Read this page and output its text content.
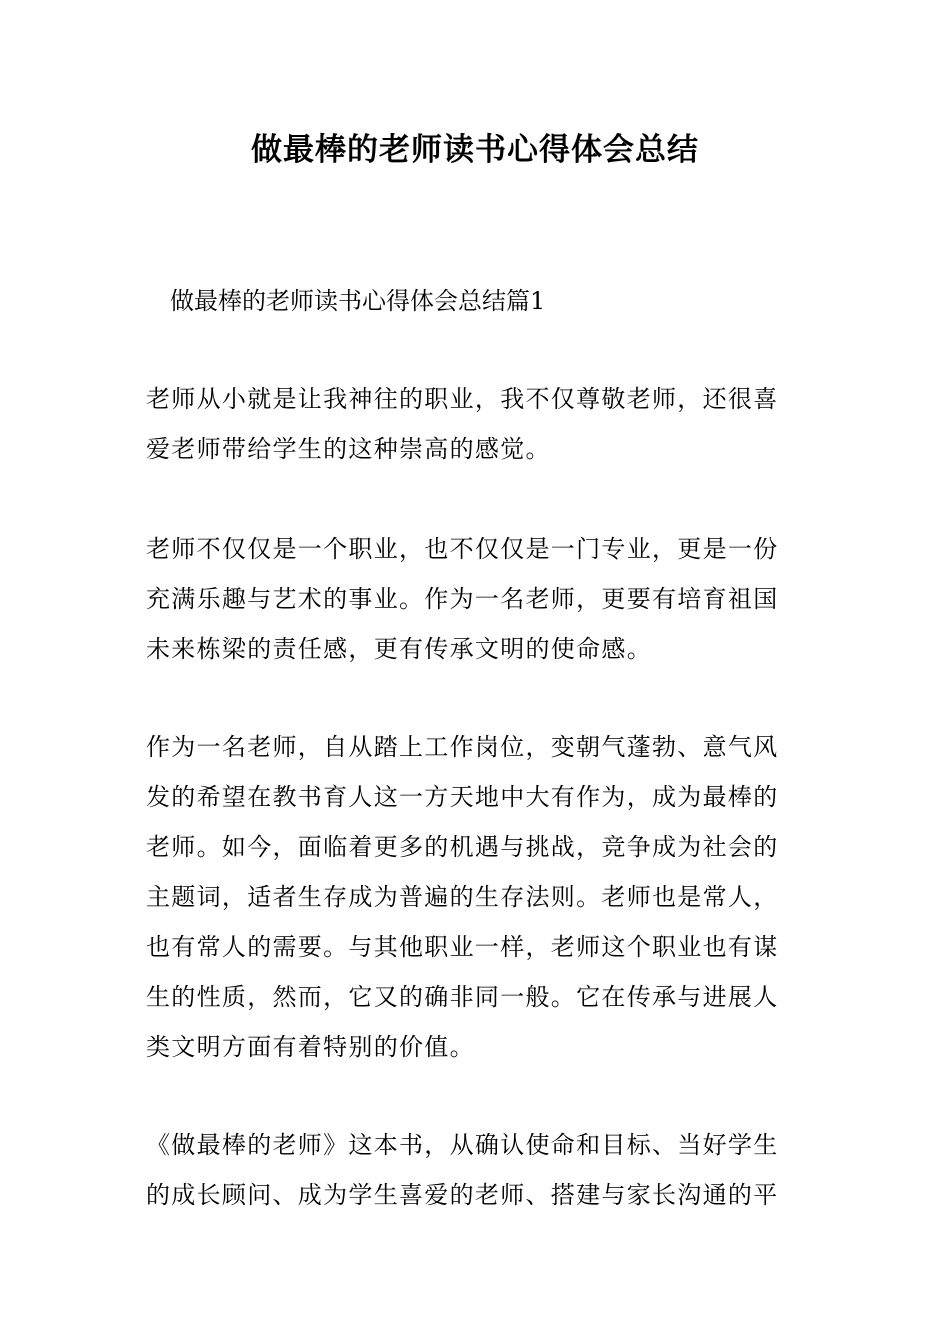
做最棒的老师读书心得体会总结
做最棒的老师读书心得体会总结篇1
老师从小就是让我神往的职业，我不仅尊敬老师，还很喜
爱老师带给学生的这种崇高的感觉。
老师不仅仅是一个职业，也不仅仅是一门专业，更是一份
充满乐趣与艺术的事业。作为一名老师，更要有培育祖国
未来栋梁的责任感，更有传承文明的使命感。
作为一名老师，自从踏上工作岗位，变朝气蓬勃、意气风
发的希望在教书育人这一方天地中大有作为，成为最棒的
老师。如今，面临着更多的机遇与挑战，竞争成为社会的
主题词，适者生存成为普遍的生存法则。老师也是常人，
也有常人的需要。与其他职业一样，老师这个职业也有谋
生的性质，然而，它又的确非同一般。它在传承与进展人
类文明方面有着特别的价值。
《做最棒的老师》这本书，从确认使命和目标、当好学生
的成长顾问、成为学生喜爱的老师、搭建与家长沟通的平
